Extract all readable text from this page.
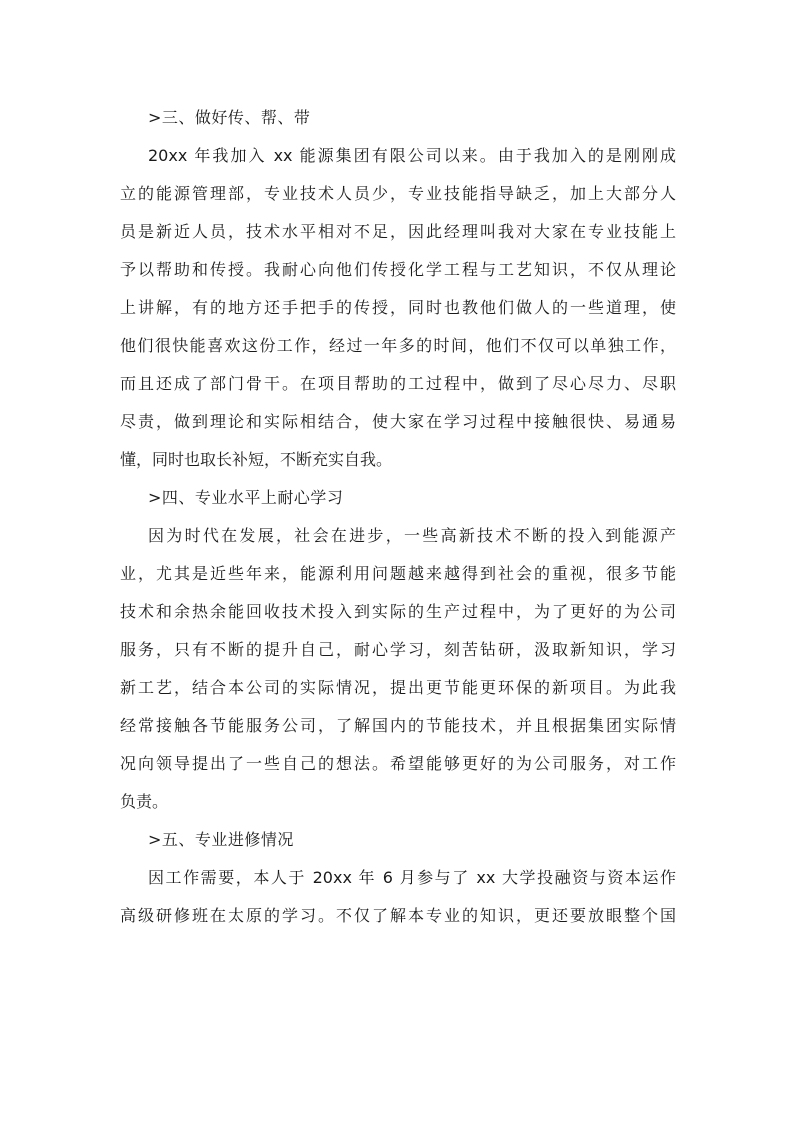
>三、做好传、帮、带
20xx 年我加入 xx 能源集团有限公司以来。由于我加入的是刚刚成
立的能源管理部，专业技术人员少，专业技能指导缺乏，加上大部分人
员是新近人员，技术水平相对不足，因此经理叫我对大家在专业技能上
予以帮助和传授。我耐心向他们传授化学工程与工艺知识，不仅从理论
上讲解，有的地方还手把手的传授，同时也教他们做人的一些道理，使
他们很快能喜欢这份工作，经过一年多的时间，他们不仅可以单独工作，
而且还成了部门骨干。在项目帮助的工过程中，做到了尽心尽力、尽职
尽责，做到理论和实际相结合，使大家在学习过程中接触很快、易通易
懂，同时也取长补短，不断充实自我。
>四、专业水平上耐心学习
因为时代在发展，社会在进步，一些高新技术不断的投入到能源产
业，尤其是近些年来，能源利用问题越来越得到社会的重视，很多节能
技术和余热余能回收技术投入到实际的生产过程中，为了更好的为公司
服务，只有不断的提升自己，耐心学习，刻苦钻研，汲取新知识，学习
新工艺，结合本公司的实际情况，提出更节能更环保的新项目。为此我
经常接触各节能服务公司，了解国内的节能技术，并且根据集团实际情
况向领导提出了一些自己的想法。希望能够更好的为公司服务，对工作
负责。
>五、专业进修情况
因工作需要，本人于 20xx 年 6 月参与了 xx 大学投融资与资本运作
高级研修班在太原的学习。不仅了解本专业的知识，更还要放眼整个国
